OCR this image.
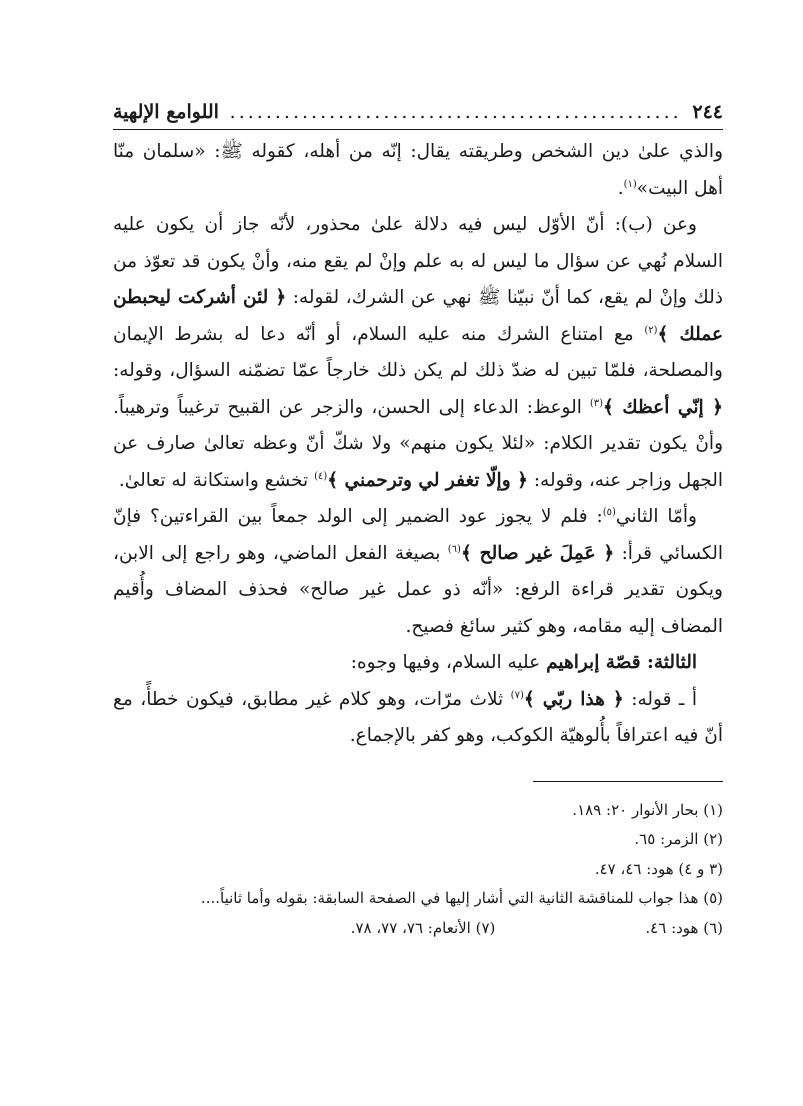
٢٤٤
..................................................
اللوامع الإلهية

والذي علىٰ دين الشخص وطريقته يقال: إنّه من أهله، كقوله ﷺ: «سلمان منّا أهل البيت»$^{(١)}$.

وعن (ب): أنّ الأوّل ليس فيه دلالة علىٰ محذور، لأنّه جاز أن يكون عليه السلام نُهي عن سؤال ما ليس له به علم وإنْ لم يقع منه، وأنْ يكون قد تعوّذ من ذلك وإنْ لم يقع، كما أنّ نبيّنا ﷺ نهي عن الشرك، لقوله: ﴿ لئن أشركت ليحبطن عملك ﴾$^{(٢)}$ مع امتناع الشرك منه عليه السلام، أو أنّه دعا له بشرط الإيمان والمصلحة، فلمّا تبين له ضدّ ذلك لم يكن ذلك خارجاً عمّا تضمّنه السؤال، وقوله: ﴿ إنّي أعظك ﴾$^{(٣)}$ الوعظ: الدعاء إلى الحسن، والزجر عن القبيح ترغيباً وترهيباً. وأنْ يكون تقدير الكلام: «لئلا يكون منهم» ولا شكّ أنّ وعظه تعالىٰ صارف عن الجهل وزاجر عنه، وقوله: ﴿ وإلّا تغفر لي وترحمني ﴾$^{(٤)}$ تخشع واستكانة له تعالىٰ.

وأمّا الثاني$^{(٥)}$: فلم لا يجوز عود الضمير إلى الولد جمعاً بين القراءتين؟ فإنّ الكسائي قرأ: ﴿ عَمِلَ غير صالح ﴾$^{(٦)}$ بصيغة الفعل الماضي، وهو راجع إلى الابن، ويكون تقدير قراءة الرفع: «أنّه ذو عمل غير صالح» فحذف المضاف وأُقيم المضاف إليه مقامه، وهو كثير سائغ فصيح.

الثالثة: قصّة إبراهيم عليه السلام، وفيها وجوه:

أ ـ قوله: ﴿ هذا ربّي ﴾$^{(٧)}$ ثلاث مرّات، وهو كلام غير مطابق، فيكون خطأً، مع أنّ فيه اعترافاً بأُلوهيّة الكوكب، وهو كفر بالإجماع.

(١) بحار الأنوار ٢٠: ١٨٩.
(٢) الزمر: ٦٥.
(٣ و ٤) هود: ٤٦، ٤٧.
(٥) هذا جواب للمناقشة الثانية التي أشار إليها في الصفحة السابقة: بقوله وأما ثانياً....
(٦) هود: ٤٦.
(٧) الأنعام: ٧٦، ٧٧، ٧٨.
